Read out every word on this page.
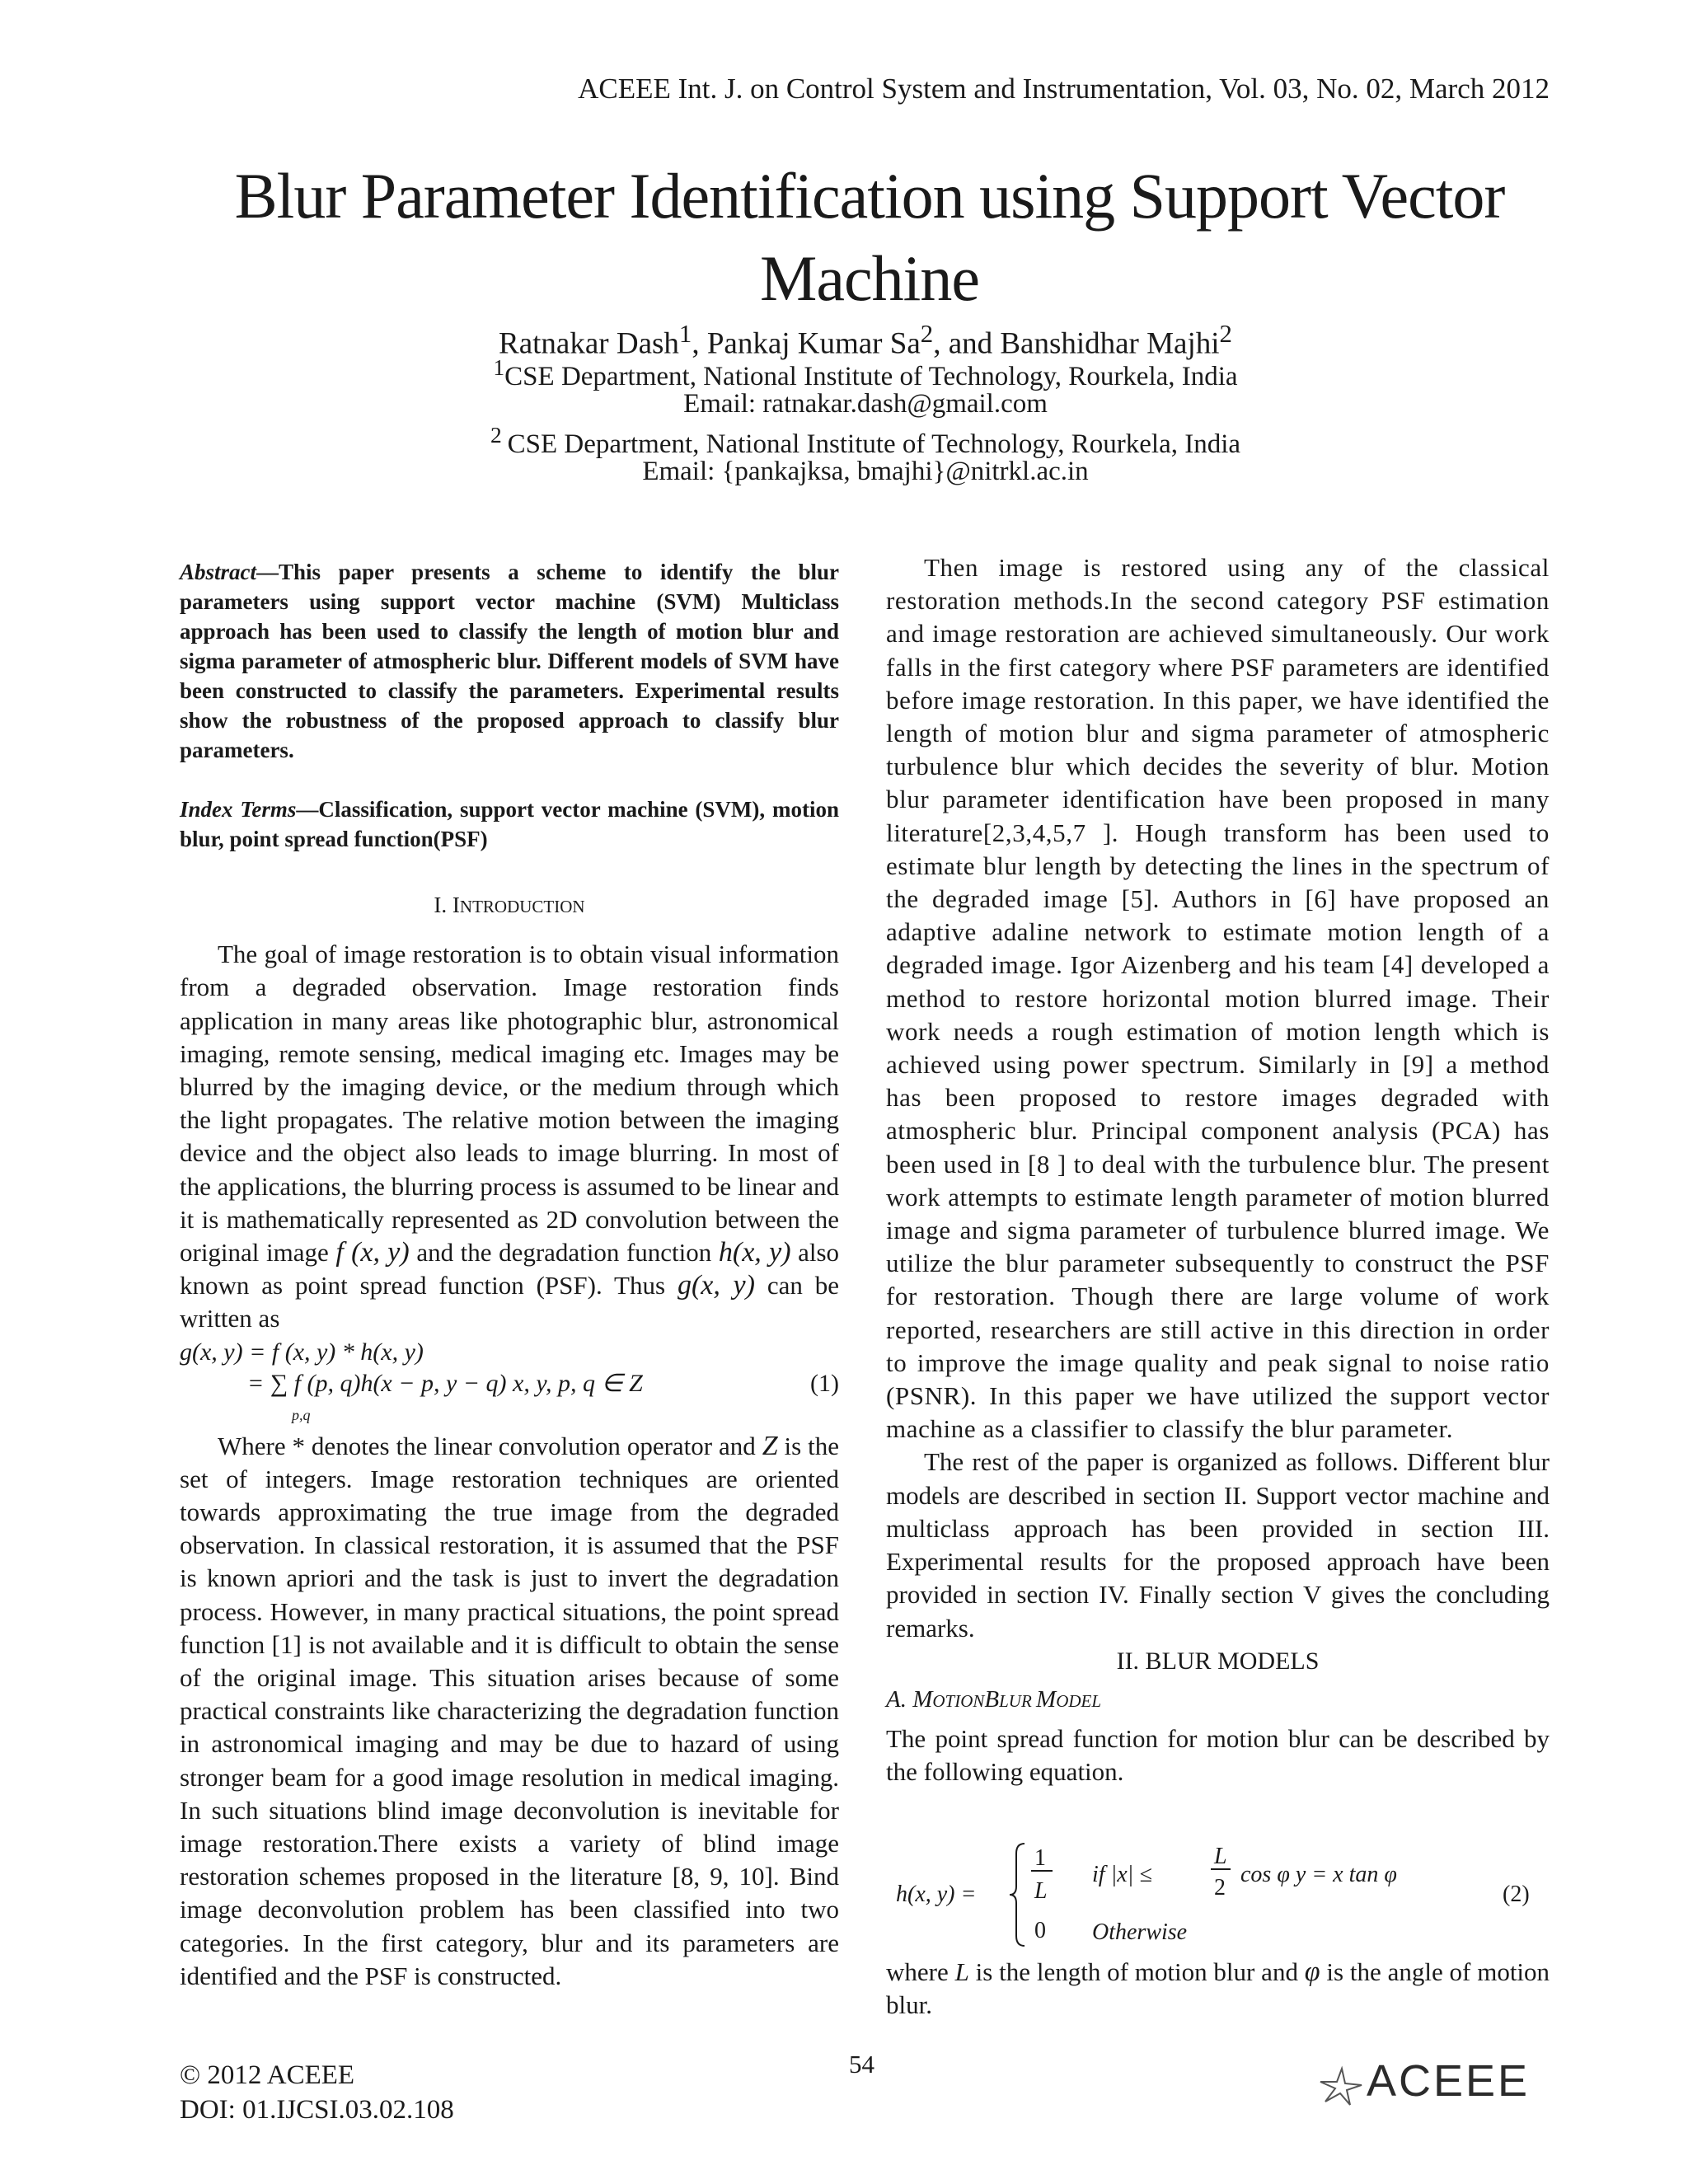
ACEEE Int. J. on Control System and Instrumentation, Vol. 03, No. 02, March 2012
Blur Parameter Identification using Support Vector
Machine
Ratnakar Dash$^1$, Pankaj Kumar Sa$^2$, and Banshidhar Majhi$^2$
$^1$CSE Department, National Institute of Technology, Rourkela, India
Email: ratnakar.dash@gmail.com
$^2$ CSE Department, National Institute of Technology, Rourkela, India
Email: {pankajksa, bmajhi}@nitrkl.ac.in

Abstract—This paper presents a scheme to identify the blur parameters using support vector machine (SVM) Multiclass approach has been used to classify the length of motion blur and sigma parameter of atmospheric blur. Different models of SVM have been constructed to classify the parameters. Experimental results show the robustness of the proposed approach to classify blur parameters.

Index Terms—Classification, support vector machine (SVM), motion blur, point spread function(PSF)

I. INTRODUCTION

The goal of image restoration is to obtain visual information from a degraded observation. Image restoration finds application in many areas like photographic blur, astronomical imaging, remote sensing, medical imaging etc. Images may be blurred by the imaging device, or the medium through which the light propagates. The relative motion between the imaging device and the object also leads to image blurring. In most of the applications, the blurring process is assumed to be linear and it is mathematically represented as 2D convolution between the original image f (x, y) and the degradation function h(x, y) also known as point spread function (PSF). Thus g(x, y) can be written as

g(x, y) = f (x, y) * h(x, y)
= ∑ f (p, q)h(x − p, y − q) x, y, p, q ∈ Z
p,q
(1)

Where * denotes the linear convolution operator and Z is the set of integers. Image restoration techniques are oriented towards approximating the true image from the degraded observation. In classical restoration, it is assumed that the PSF is known apriori and the task is just to invert the degradation process. However, in many practical situations, the point spread function [1] is not available and it is difficult to obtain the sense of the original image. This situation arises because of some practical constraints like characterizing the degradation function in astronomical imaging and may be due to hazard of using stronger beam for a good image resolution in medical imaging. In such situations blind image deconvolution is inevitable for image restoration.There exists a variety of blind image restoration schemes proposed in the literature [8, 9, 10]. Bind image deconvolution problem has been classified into two categories. In the first category, blur and its parameters are identified and the PSF is constructed.

Then image is restored using any of the classical restoration methods.In the second category PSF estimation and image restoration are achieved simultaneously. Our work falls in the first category where PSF parameters are identified before image restoration. In this paper, we have identified the length of motion blur and sigma parameter of atmospheric turbulence blur which decides the severity of blur. Motion blur parameter identification have been proposed in many literature[2,3,4,5,7 ]. Hough transform has been used to estimate blur length by detecting the lines in the spectrum of the degraded image [5]. Authors in [6] have proposed an adaptive adaline network to estimate motion length of a degraded image. Igor Aizenberg and his team [4] developed a method to restore horizontal motion blurred image. Their work needs a rough estimation of motion length which is achieved using power spectrum. Similarly in [9] a method has been proposed to restore images degraded with atmospheric blur. Principal component analysis (PCA) has been used in [8 ] to deal with the turbulence blur. The present work attempts to estimate length parameter of motion blurred image and sigma parameter of turbulence blurred image. We utilize the blur parameter subsequently to construct the PSF for restoration. Though there are large volume of work reported, researchers are still active in this direction in order to improve the image quality and peak signal to noise ratio (PSNR). In this paper we have utilized the support vector machine as a classifier to classify the blur parameter.

The rest of the paper is organized as follows. Different blur models are described in section II. Support vector machine and multiclass approach has been provided in section III. Experimental results for the proposed approach have been provided in section IV. Finally section V gives the concluding remarks.

II. BLUR MODELS

A. MOTIONBLUR MODEL

The point spread function for motion blur can be described by the following equation.

h(x, y) =
1
L
if |x| ≤
L
2
cos φ y = x tan φ
0 Otherwise
(2)

where L is the length of motion blur and φ is the angle of motion blur.

54
© 2012 ACEEE
DOI: 01.IJCSI.03.02.108
ACEEE
